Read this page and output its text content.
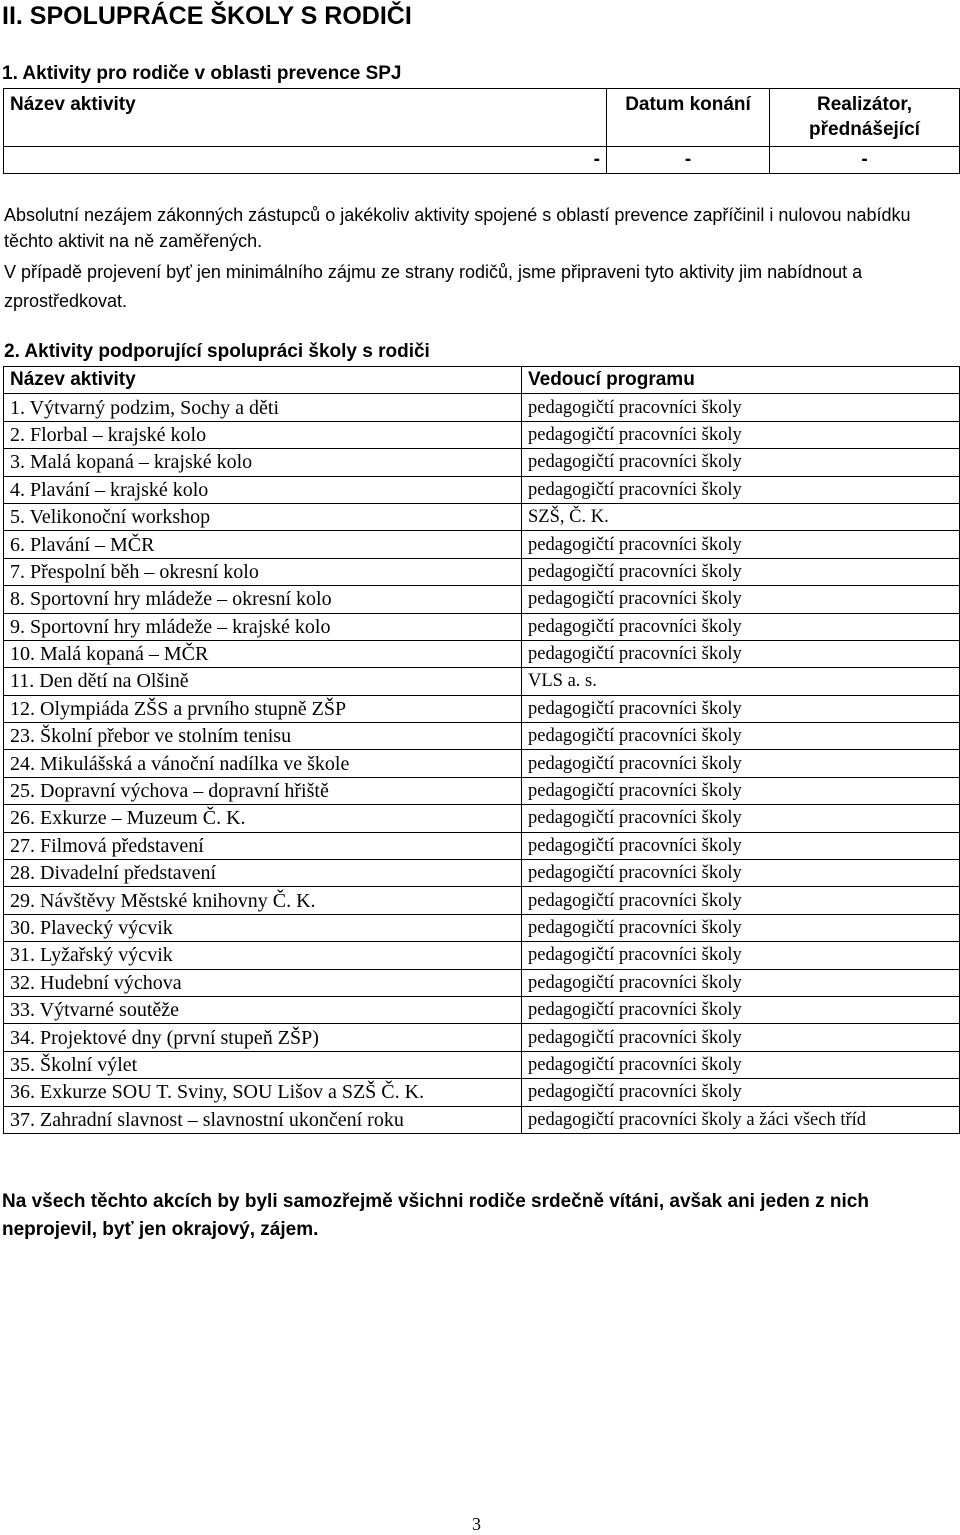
II. SPOLUPRÁCE ŠKOLY S RODIČI
1. Aktivity pro rodiče v oblasti prevence SPJ
Název aktivity	Datum konání	Realizátor, přednášející
-	-	-

Absolutní nezájem zákonných zástupců o jakékoliv aktivity spojené s oblastí prevence zapříčinil i nulovou nabídku těchto aktivit na ně zaměřených.

V případě projevení byť jen minimálního zájmu ze strany rodičů, jsme připraveni tyto aktivity jim nabídnout a zprostředkovat.

2. Aktivity podporující spolupráci školy s rodiči
Název aktivity	Vedoucí programu
1. Výtvarný podzim, Sochy a děti	pedagogičtí pracovníci školy
2. Florbal – krajské kolo	pedagogičtí pracovníci školy
3. Malá kopaná – krajské kolo	pedagogičtí pracovníci školy
4. Plavání – krajské kolo	pedagogičtí pracovníci školy
5. Velikonoční workshop	SZŠ, Č. K.
6. Plavání – MČR	pedagogičtí pracovníci školy
7. Přespolní běh – okresní kolo	pedagogičtí pracovníci školy
8. Sportovní hry mládeže – okresní kolo	pedagogičtí pracovníci školy
9. Sportovní hry mládeže – krajské kolo	pedagogičtí pracovníci školy
10. Malá kopaná – MČR	pedagogičtí pracovníci školy
11. Den dětí na Olšině	VLS a. s.
12. Olympiáda ZŠS a prvního stupně ZŠP	pedagogičtí pracovníci školy
23. Školní přebor ve stolním tenisu	pedagogičtí pracovníci školy
24. Mikulášská a vánoční nadílka ve škole	pedagogičtí pracovníci školy
25. Dopravní výchova – dopravní hřiště	pedagogičtí pracovníci školy
26. Exkurze – Muzeum Č. K.	pedagogičtí pracovníci školy
27. Filmová představení	pedagogičtí pracovníci školy
28. Divadelní představení	pedagogičtí pracovníci školy
29. Návštěvy Městské knihovny Č. K.	pedagogičtí pracovníci školy
30. Plavecký výcvik	pedagogičtí pracovníci školy
31. Lyžařský výcvik	pedagogičtí pracovníci školy
32. Hudební výchova	pedagogičtí pracovníci školy
33. Výtvarné soutěže	pedagogičtí pracovníci školy
34. Projektové dny (první stupeň ZŠP)	pedagogičtí pracovníci školy
35. Školní výlet	pedagogičtí pracovníci školy
36. Exkurze SOU T. Sviny, SOU Lišov a SZŠ Č. K.	pedagogičtí pracovníci školy
37. Zahradní slavnost – slavnostní ukončení roku	pedagogičtí pracovníci školy a žáci všech tříd

Na všech těchto akcích by byli samozřejmě všichni rodiče srdečně vítáni, avšak ani jeden z nich neprojevil, byť jen okrajový, zájem.

3
